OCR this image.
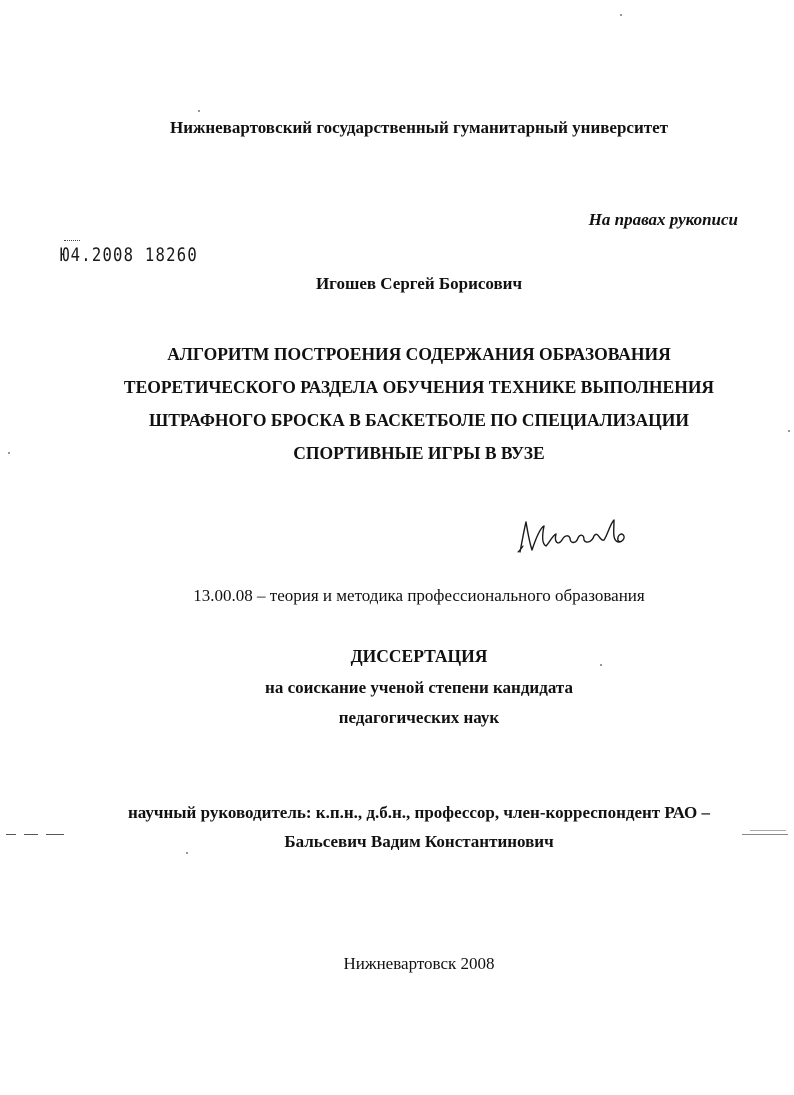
Нижневартовский государственный гуманитарный университет
На правах рукописи
Ю4.2008 18260
Игошев Сергей Борисович
АЛГОРИТМ ПОСТРОЕНИЯ СОДЕРЖАНИЯ ОБРАЗОВАНИЯ
ТЕОРЕТИЧЕСКОГО РАЗДЕЛА ОБУЧЕНИЯ ТЕХНИКЕ ВЫПОЛНЕНИЯ
ШТРАФНОГО БРОСКА В БАСКЕТБОЛЕ ПО СПЕЦИАЛИЗАЦИИ
СПОРТИВНЫЕ ИГРЫ В ВУЗЕ
13.00.08 – теория и методика профессионального образования
ДИССЕРТАЦИЯ
на соискание ученой степени кандидата
педагогических наук
научный руководитель: к.п.н., д.б.н., профессор, член-корреспондент РАО –
Бальсевич Вадим Константинович
Нижневартовск 2008
